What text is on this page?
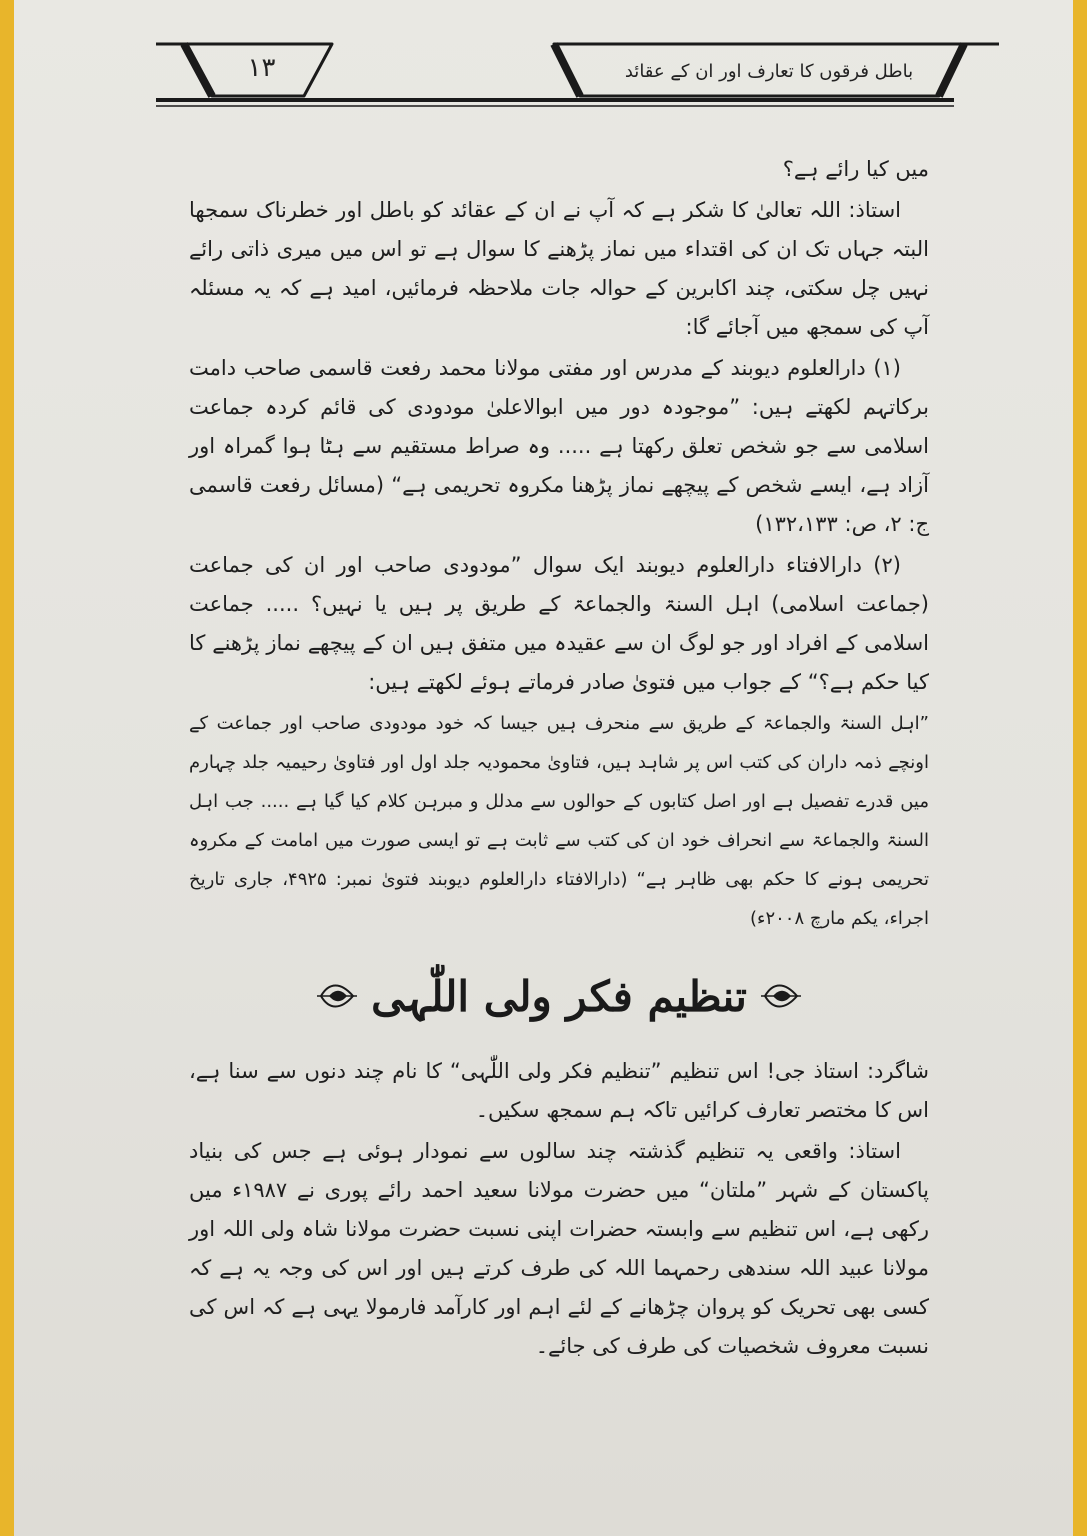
١٣	باطل فرقوں کا تعارف اور ان کے عقائد

میں کیا رائے ہے؟

استاذ: اللہ تعالیٰ کا شکر ہے کہ آپ نے ان کے عقائد کو باطل اور خطرناک سمجھا البتہ جہاں تک ان کی اقتداء میں نماز پڑھنے کا سوال ہے تو اس میں میری ذاتی رائے نہیں چل سکتی، چند اکابرین کے حوالہ جات ملاحظہ فرمائیں، امید ہے کہ یہ مسئلہ آپ کی سمجھ میں آجائے گا:

(۱) دارالعلوم دیوبند کے مدرس اور مفتی مولانا محمد رفعت قاسمی صاحب دامت برکاتہم لکھتے ہیں: ”موجودہ دور میں ابوالاعلیٰ مودودی کی قائم کردہ جماعت اسلامی سے جو شخص تعلق رکھتا ہے ..... وہ صراط مستقیم سے ہٹا ہوا گمراہ اور آزاد ہے، ایسے شخص کے پیچھے نماز پڑھنا مکروہ تحریمی ہے“ (مسائل رفعت قاسمی ج: ۲، ص: ۱۳۲،۱۳۳)

(۲) دارالافتاء دارالعلوم دیوبند ایک سوال ”مودودی صاحب اور ان کی جماعت (جماعت اسلامی) اہل السنۃ والجماعۃ کے طریق پر ہیں یا نہیں؟ ..... جماعت اسلامی کے افراد اور جو لوگ ان سے عقیدہ میں متفق ہیں ان کے پیچھے نماز پڑھنے کا کیا حکم ہے؟“ کے جواب میں فتویٰ صادر فرماتے ہوئے لکھتے ہیں:

”اہل السنۃ والجماعۃ کے طریق سے منحرف ہیں جیسا کہ خود مودودی صاحب اور جماعت کے اونچے ذمہ داران کی کتب اس پر شاہد ہیں، فتاویٰ محمودیہ جلد اول اور فتاویٰ رحیمیہ جلد چہارم میں قدرے تفصیل ہے اور اصل کتابوں کے حوالوں سے مدلل و مبرہن کلام کیا گیا ہے ..... جب اہل السنۃ والجماعۃ سے انحراف خود ان کی کتب سے ثابت ہے تو ایسی صورت میں امامت کے مکروہ تحریمی ہونے کا حکم بھی ظاہر ہے“ (دارالافتاء دارالعلوم دیوبند فتویٰ نمبر: ۴۹۲۵، جاری تاریخ اجراء، یکم مارچ ۲۰۰۸ء)

تنظیم فکر ولی اللّٰہی

شاگرد: استاذ جی! اس تنظیم ”تنظیم فکر ولی اللّٰہی“ کا نام چند دنوں سے سنا ہے، اس کا مختصر تعارف کرائیں تاکہ ہم سمجھ سکیں۔

استاذ: واقعی یہ تنظیم گذشتہ چند سالوں سے نمودار ہوئی ہے جس کی بنیاد پاکستان کے شہر ”ملتان“ میں حضرت مولانا سعید احمد رائے پوری نے ۱۹۸۷ء میں رکھی ہے، اس تنظیم سے وابستہ حضرات اپنی نسبت حضرت مولانا شاہ ولی اللہ اور مولانا عبید اللہ سندھی رحمہما اللہ کی طرف کرتے ہیں اور اس کی وجہ یہ ہے کہ کسی بھی تحریک کو پروان چڑھانے کے لئے اہم اور کارآمد فارمولا یہی ہے کہ اس کی نسبت معروف شخصیات کی طرف کی جائے۔
